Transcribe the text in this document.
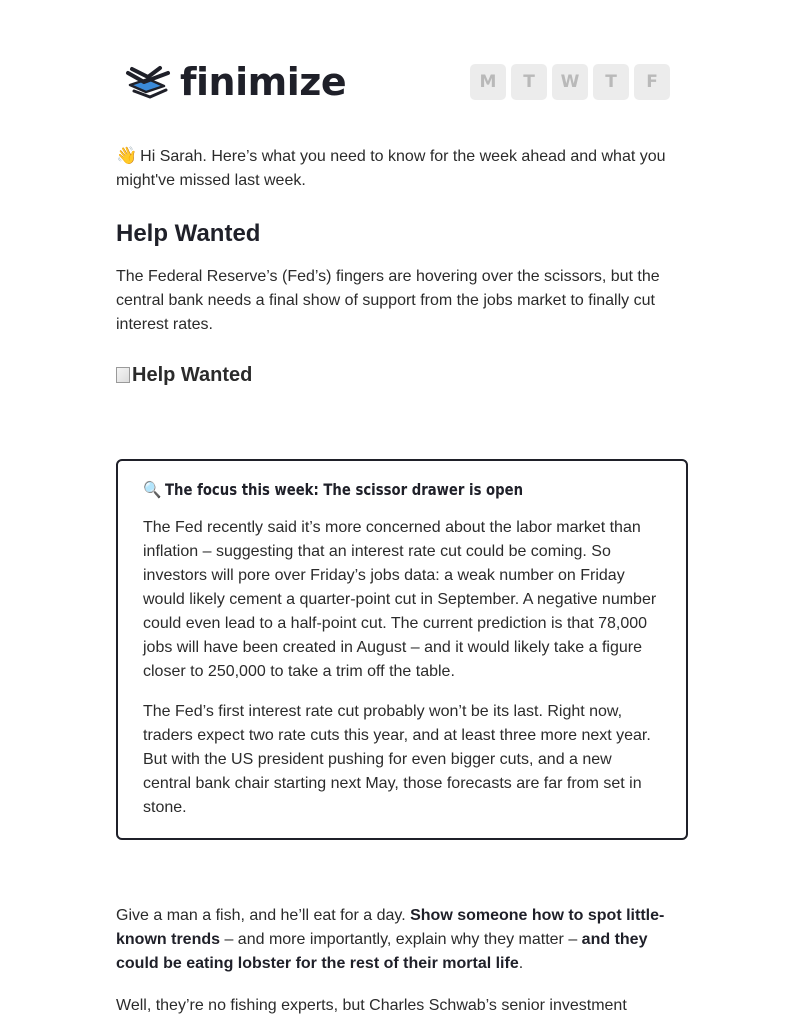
finimize	M	T	W	T	F

👋 Hi Sarah. Here’s what you need to know for the week ahead and what you might've missed last week.

Help Wanted

The Federal Reserve’s (Fed’s) fingers are hovering over the scissors, but the central bank needs a final show of support from the jobs market to finally cut interest rates.

Help Wanted
🔍 The focus this week: The scissor drawer is open

The Fed recently said it’s more concerned about the labor market than inflation – suggesting that an interest rate cut could be coming. So investors will pore over Friday’s jobs data: a weak number on Friday would likely cement a quarter-point cut in September. A negative number could even lead to a half-point cut. The current prediction is that 78,000 jobs will have been created in August – and it would likely take a figure closer to 250,000 to take a trim off the table.

The Fed’s first interest rate cut probably won’t be its last. Right now, traders expect two rate cuts this year, and at least three more next year. But with the US president pushing for even bigger cuts, and a new central bank chair starting next May, those forecasts are far from set in stone.

Give a man a fish, and he’ll eat for a day. Show someone how to spot little-known trends – and more importantly, explain why they matter – and they could be eating lobster for the rest of their mortal life.

Well, they’re no fishing experts, but Charles Schwab’s senior investment
